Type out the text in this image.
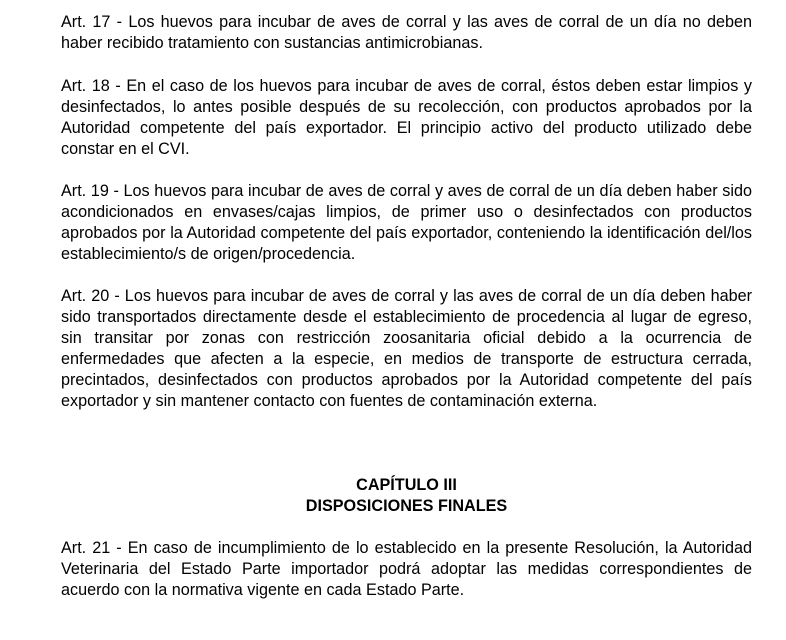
Art. 17 - Los huevos para incubar de aves de corral y las aves de corral de un día no deben haber recibido tratamiento con sustancias antimicrobianas.

Art. 18 - En el caso de los huevos para incubar de aves de corral, éstos deben estar limpios y desinfectados, lo antes posible después de su recolección, con productos aprobados por la Autoridad competente del país exportador. El principio activo del producto utilizado debe constar en el CVI.

Art. 19 - Los huevos para incubar de aves de corral y aves de corral de un día deben haber sido acondicionados en envases/cajas limpios, de primer uso o desinfectados con productos aprobados por la Autoridad competente del país exportador, conteniendo la identificación del/los establecimiento/s de origen/procedencia.

Art. 20 - Los huevos para incubar de aves de corral y las aves de corral de un día deben haber sido transportados directamente desde el establecimiento de procedencia al lugar de egreso, sin transitar por zonas con restricción zoosanitaria oficial debido a la ocurrencia de enfermedades que afecten a la especie, en medios de transporte de estructura cerrada, precintados, desinfectados con productos aprobados por la Autoridad competente del país exportador y sin mantener contacto con fuentes de contaminación externa.

CAPÍTULO III
DISPOSICIONES FINALES

Art. 21 - En caso de incumplimiento de lo establecido en la presente Resolución, la Autoridad Veterinaria del Estado Parte importador podrá adoptar las medidas correspondientes de acuerdo con la normativa vigente en cada Estado Parte.
